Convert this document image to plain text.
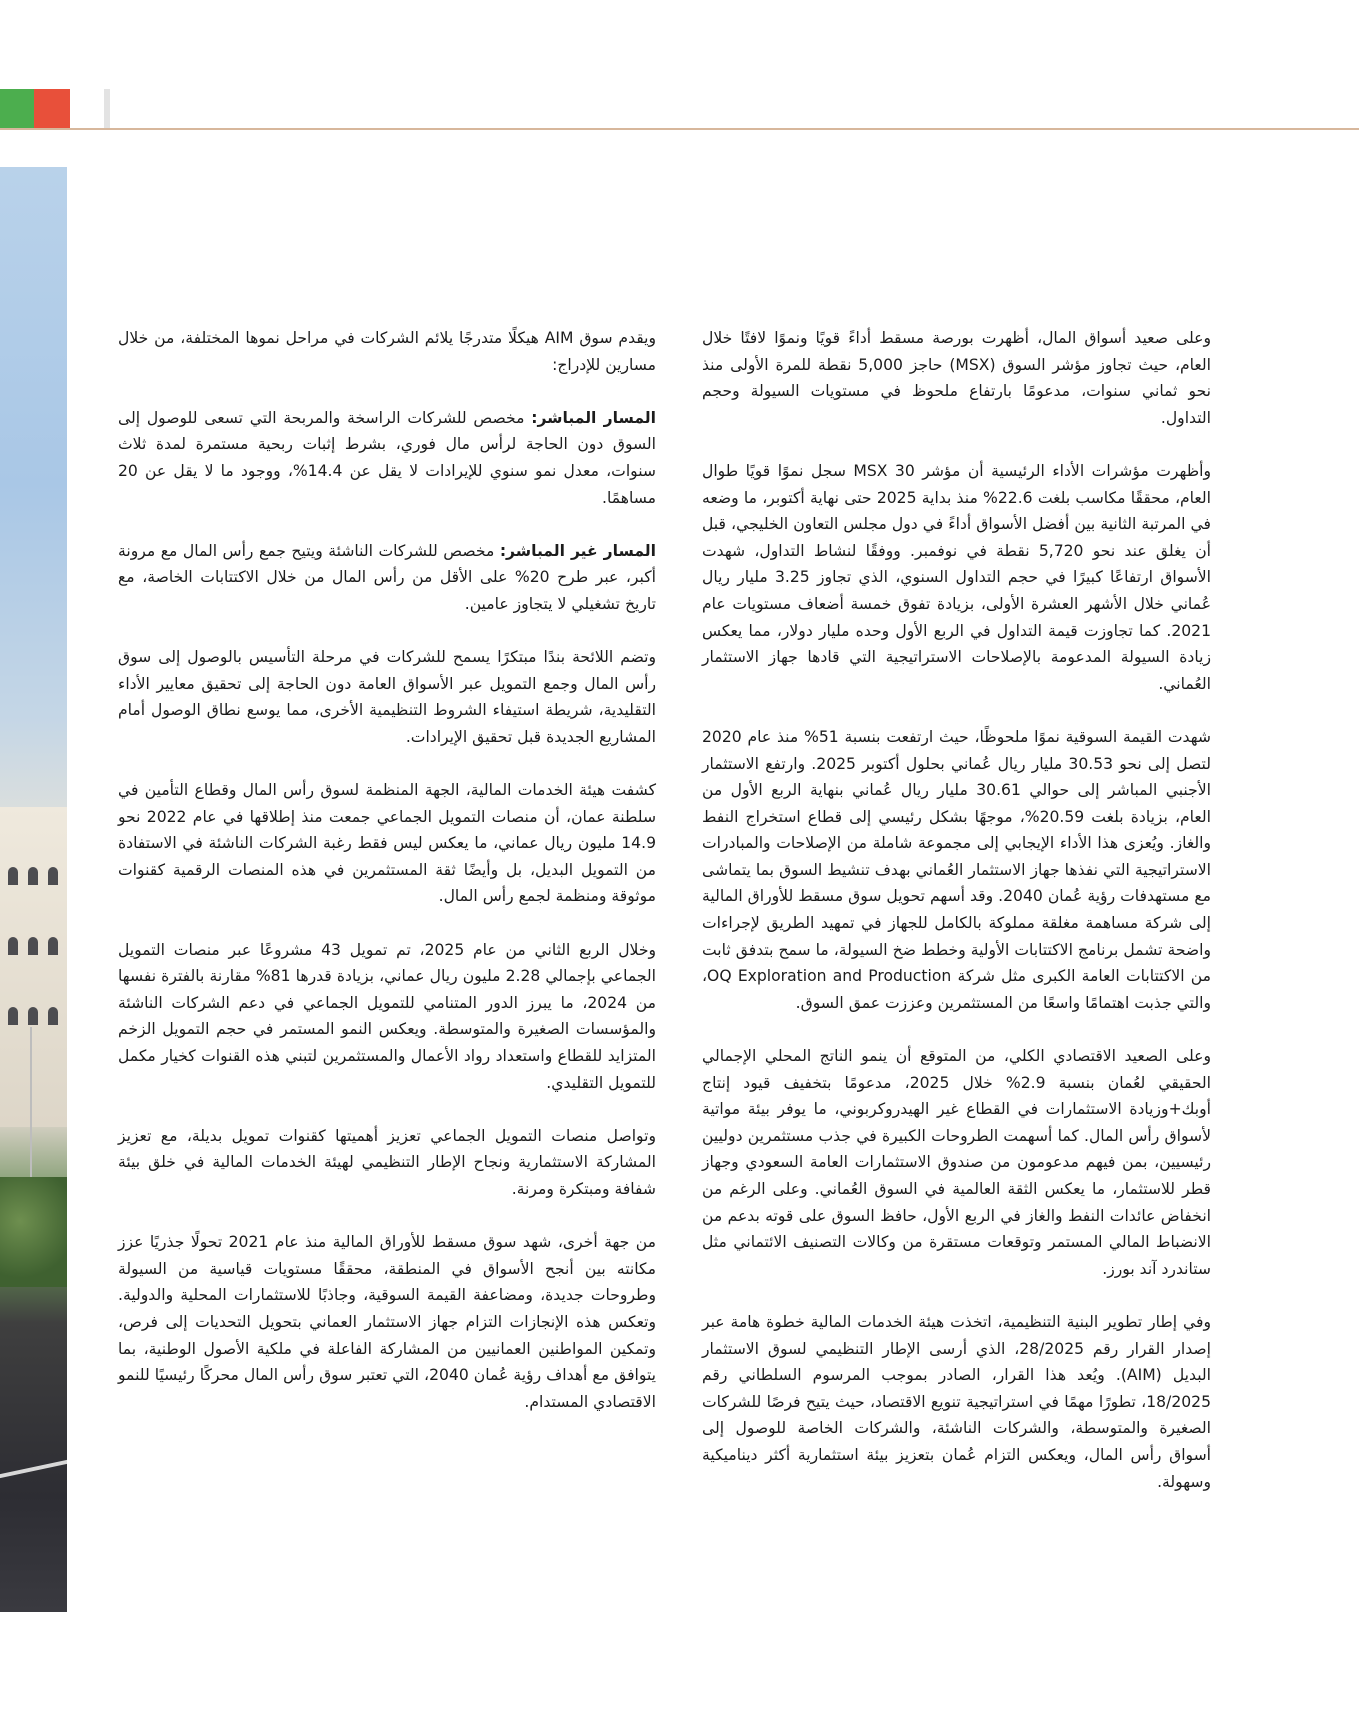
وعلى صعيد أسواق المال، أظهرت بورصة مسقط أداءً قويًا ونموًا لافتًا خلال العام، حيث تجاوز مؤشر السوق (MSX) حاجز 5,000 نقطة للمرة الأولى منذ نحو ثماني سنوات، مدعومًا بارتفاع ملحوظ في مستويات السيولة وحجم التداول.

وأظهرت مؤشرات الأداء الرئيسية أن مؤشر MSX 30 سجل نموًا قويًا طوال العام، محققًا مكاسب بلغت 22.6% منذ بداية 2025 حتى نهاية أكتوبر، ما وضعه في المرتبة الثانية بين أفضل الأسواق أداءً في دول مجلس التعاون الخليجي، قبل أن يغلق عند نحو 5,720 نقطة في نوفمبر. ووفقًا لنشاط التداول، شهدت الأسواق ارتفاعًا كبيرًا في حجم التداول السنوي، الذي تجاوز 3.25 مليار ريال عُماني خلال الأشهر العشرة الأولى، بزيادة تفوق خمسة أضعاف مستويات عام 2021. كما تجاوزت قيمة التداول في الربع الأول وحده مليار دولار، مما يعكس زيادة السيولة المدعومة بالإصلاحات الاستراتيجية التي قادها جهاز الاستثمار العُماني.

شهدت القيمة السوقية نموًا ملحوظًا، حيث ارتفعت بنسبة 51% منذ عام 2020 لتصل إلى نحو 30.53 مليار ريال عُماني بحلول أكتوبر 2025. وارتفع الاستثمار الأجنبي المباشر إلى حوالي 30.61 مليار ريال عُماني بنهاية الربع الأول من العام، بزيادة بلغت 20.59%، موجهًا بشكل رئيسي إلى قطاع استخراج النفط والغاز. ويُعزى هذا الأداء الإيجابي إلى مجموعة شاملة من الإصلاحات والمبادرات الاستراتيجية التي نفذها جهاز الاستثمار العُماني بهدف تنشيط السوق بما يتماشى مع مستهدفات رؤية عُمان 2040. وقد أسهم تحويل سوق مسقط للأوراق المالية إلى شركة مساهمة مغلقة مملوكة بالكامل للجهاز في تمهيد الطريق لإجراءات واضحة تشمل برنامج الاكتتابات الأولية وخطط ضخ السيولة، ما سمح بتدفق ثابت من الاكتتابات العامة الكبرى مثل شركة OQ Exploration and Production، والتي جذبت اهتمامًا واسعًا من المستثمرين وعززت عمق السوق.

وعلى الصعيد الاقتصادي الكلي، من المتوقع أن ينمو الناتج المحلي الإجمالي الحقيقي لعُمان بنسبة 2.9% خلال 2025، مدعومًا بتخفيف قيود إنتاج أوبك+وزيادة الاستثمارات في القطاع غير الهيدروكربوني، ما يوفر بيئة مواتية لأسواق رأس المال. كما أسهمت الطروحات الكبيرة في جذب مستثمرين دوليين رئيسيين، بمن فيهم مدعومون من صندوق الاستثمارات العامة السعودي وجهاز قطر للاستثمار، ما يعكس الثقة العالمية في السوق العُماني. وعلى الرغم من انخفاض عائدات النفط والغاز في الربع الأول، حافظ السوق على قوته بدعم من الانضباط المالي المستمر وتوقعات مستقرة من وكالات التصنيف الائتماني مثل ستاندرد آند بورز.

وفي إطار تطوير البنية التنظيمية، اتخذت هيئة الخدمات المالية خطوة هامة عبر إصدار القرار رقم 28/2025، الذي أرسى الإطار التنظيمي لسوق الاستثمار البديل (AIM). ويُعد هذا القرار، الصادر بموجب المرسوم السلطاني رقم 18/2025، تطورًا مهمًا في استراتيجية تنويع الاقتصاد، حيث يتيح فرصًا للشركات الصغيرة والمتوسطة، والشركات الناشئة، والشركات الخاصة للوصول إلى أسواق رأس المال، ويعكس التزام عُمان بتعزيز بيئة استثمارية أكثر ديناميكية وسهولة.

ويقدم سوق AIM هيكلًا متدرجًا يلائم الشركات في مراحل نموها المختلفة، من خلال مسارين للإدراج:

المسار المباشر: مخصص للشركات الراسخة والمربحة التي تسعى للوصول إلى السوق دون الحاجة لرأس مال فوري، بشرط إثبات ربحية مستمرة لمدة ثلاث سنوات، معدل نمو سنوي للإيرادات لا يقل عن 14.4%، ووجود ما لا يقل عن 20 مساهمًا.

المسار غير المباشر: مخصص للشركات الناشئة ويتيح جمع رأس المال مع مرونة أكبر، عبر طرح 20% على الأقل من رأس المال من خلال الاكتتابات الخاصة، مع تاريخ تشغيلي لا يتجاوز عامين.

وتضم اللائحة بندًا مبتكرًا يسمح للشركات في مرحلة التأسيس بالوصول إلى سوق رأس المال وجمع التمويل عبر الأسواق العامة دون الحاجة إلى تحقيق معايير الأداء التقليدية، شريطة استيفاء الشروط التنظيمية الأخرى، مما يوسع نطاق الوصول أمام المشاريع الجديدة قبل تحقيق الإيرادات.

كشفت هيئة الخدمات المالية، الجهة المنظمة لسوق رأس المال وقطاع التأمين في سلطنة عمان، أن منصات التمويل الجماعي جمعت منذ إطلاقها في عام 2022 نحو 14.9 مليون ريال عماني، ما يعكس ليس فقط رغبة الشركات الناشئة في الاستفادة من التمويل البديل، بل وأيضًا ثقة المستثمرين في هذه المنصات الرقمية كقنوات موثوقة ومنظمة لجمع رأس المال.

وخلال الربع الثاني من عام 2025، تم تمويل 43 مشروعًا عبر منصات التمويل الجماعي بإجمالي 2.28 مليون ريال عماني، بزيادة قدرها 81% مقارنة بالفترة نفسها من 2024، ما يبرز الدور المتنامي للتمويل الجماعي في دعم الشركات الناشئة والمؤسسات الصغيرة والمتوسطة. ويعكس النمو المستمر في حجم التمويل الزخم المتزايد للقطاع واستعداد رواد الأعمال والمستثمرين لتبني هذه القنوات كخيار مكمل للتمويل التقليدي.

وتواصل منصات التمويل الجماعي تعزيز أهميتها كقنوات تمويل بديلة، مع تعزيز المشاركة الاستثمارية ونجاح الإطار التنظيمي لهيئة الخدمات المالية في خلق بيئة شفافة ومبتكرة ومرنة.

من جهة أخرى، شهد سوق مسقط للأوراق المالية منذ عام 2021 تحولًا جذريًا عزز مكانته بين أنجح الأسواق في المنطقة، محققًا مستويات قياسية من السيولة وطروحات جديدة، ومضاعفة القيمة السوقية، وجاذبًا للاستثمارات المحلية والدولية. وتعكس هذه الإنجازات التزام جهاز الاستثمار العماني بتحويل التحديات إلى فرص، وتمكين المواطنين العمانيين من المشاركة الفاعلة في ملكية الأصول الوطنية، بما يتوافق مع أهداف رؤية عُمان 2040، التي تعتبر سوق رأس المال محركًا رئيسيًا للنمو الاقتصادي المستدام.
